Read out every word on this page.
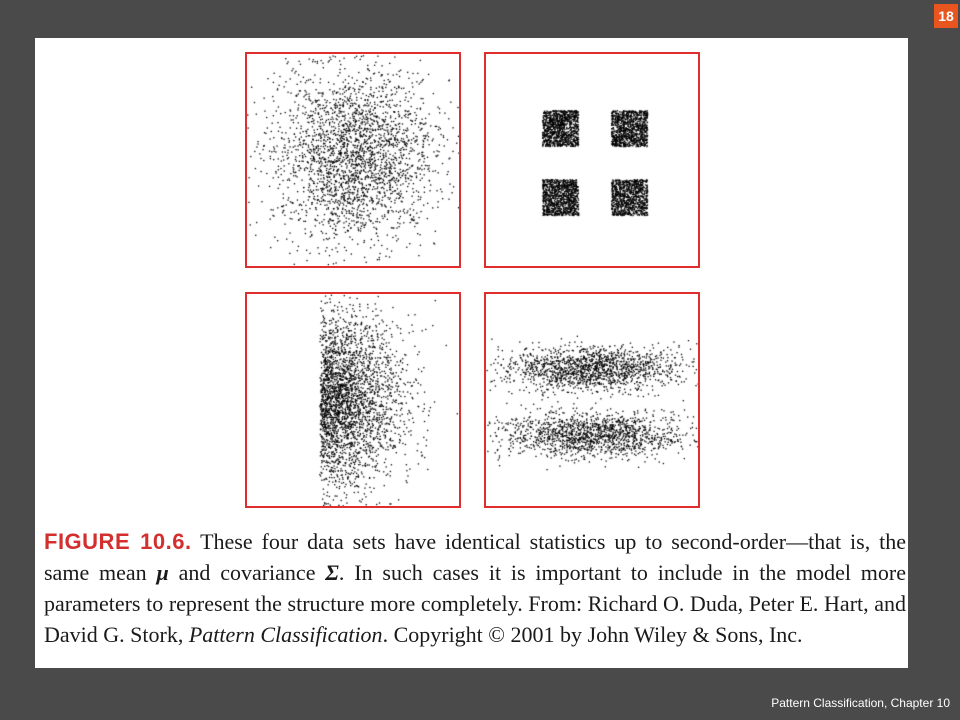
18

FIGURE 10.6. These four data sets have identical statistics up to second-order—that is, the same mean μ and covariance Σ. In such cases it is important to include in the model more parameters to represent the structure more completely. From: Richard O. Duda, Peter E. Hart, and David G. Stork, Pattern Classification. Copyright © 2001 by John Wiley & Sons, Inc.

Pattern Classification, Chapter 10
